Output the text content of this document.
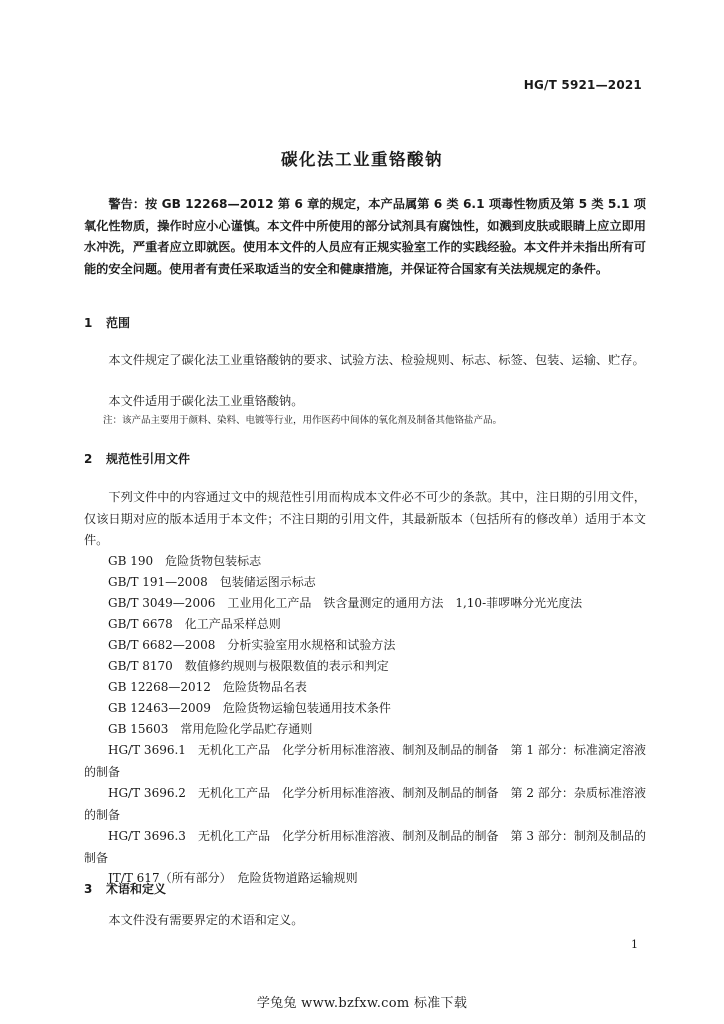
HG/T 5921—2021
碳化法工业重铬酸钠
警告：按 GB 12268—2012 第 6 章的规定，本产品属第 6 类 6.1 项毒性物质及第 5 类 5.1 项氧化性物质，操作时应小心谨慎。本文件中所使用的部分试剂具有腐蚀性，如溅到皮肤或眼睛上应立即用水冲洗，严重者应立即就医。使用本文件的人员应有正规实验室工作的实践经验。本文件并未指出所有可能的安全问题。使用者有责任采取适当的安全和健康措施，并保证符合国家有关法规规定的条件。
1 范围
本文件规定了碳化法工业重铬酸钠的要求、试验方法、检验规则、标志、标签、包装、运输、贮存。
本文件适用于碳化法工业重铬酸钠。
注：该产品主要用于颜料、染料、电镀等行业，用作医药中间体的氧化剂及制备其他铬盐产品。
2 规范性引用文件
下列文件中的内容通过文中的规范性引用而构成本文件必不可少的条款。其中，注日期的引用文件，仅该日期对应的版本适用于本文件；不注日期的引用文件，其最新版本（包括所有的修改单）适用于本文件。
GB 190　危险货物包装标志
GB/T 191—2008　包装储运图示标志
GB/T 3049—2006　工业用化工产品　铁含量测定的通用方法　1,10-菲啰啉分光光度法
GB/T 6678　化工产品采样总则
GB/T 6682—2008　分析实验室用水规格和试验方法
GB/T 8170　数值修约规则与极限数值的表示和判定
GB 12268—2012　危险货物品名表
GB 12463—2009　危险货物运输包装通用技术条件
GB 15603　常用危险化学品贮存通则
HG/T 3696.1　无机化工产品　化学分析用标准溶液、制剂及制品的制备　第 1 部分：标准滴定溶液的制备
HG/T 3696.2　无机化工产品　化学分析用标准溶液、制剂及制品的制备　第 2 部分：杂质标准溶液的制备
HG/T 3696.3　无机化工产品　化学分析用标准溶液、制剂及制品的制备　第 3 部分：制剂及制品的制备
JT/T 617（所有部分）　危险货物道路运输规则
3 术语和定义
本文件没有需要界定的术语和定义。
1
学兔兔 www.bzfxw.com 标准下载
